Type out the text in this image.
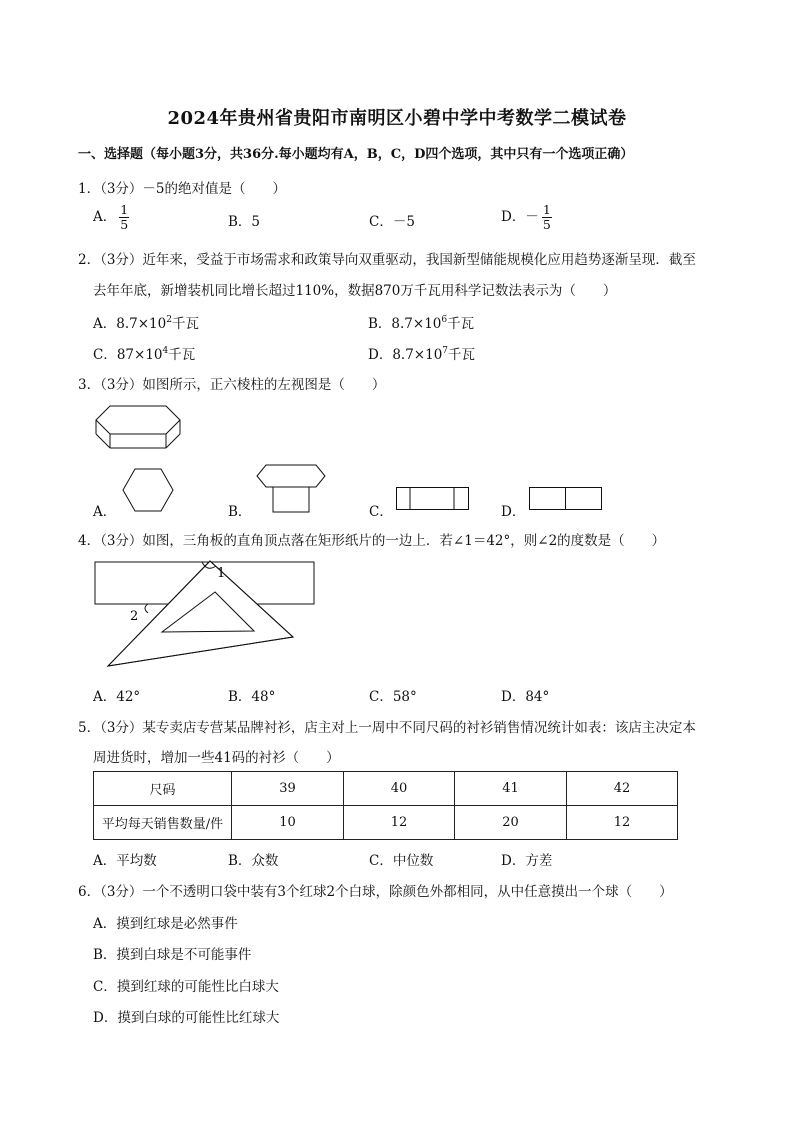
2024年贵州省贵阳市南明区小碧中学中考数学二模试卷
一、选择题（每小题3分，共36分.每小题均有A，B，C，D四个选项，其中只有一个选项正确）
1．（3分）－5的绝对值是（　　）
A． $\frac{1}{5}$	B．5	C．－5	D．－ $\frac{1}{5}$
2．（3分）近年来，受益于市场需求和政策导向双重驱动，我国新型储能规模化应用趋势逐渐呈现．截至
去年年底，新增装机同比增长超过110%，数据870万千瓦用科学记数法表示为（　　）
A．$8.7\times 10^2$千瓦	B．$8.7\times 10^6$千瓦
C．$87\times 10^4$千瓦	D．$8.7\times 10^7$千瓦
3．（3分）如图所示，正六棱柱的左视图是（　　）
A．	B．	C．	D．
4．（3分）如图，三角板的直角顶点落在矩形纸片的一边上．若∠1＝42°，则∠2的度数是（　　）
1
2
A．42°	B．48°	C．58°	D．84°
5．（3分）某专卖店专营某品牌衬衫，店主对上一周中不同尺码的衬衫销售情况统计如表：该店主决定本
周进货时，增加一些41码的衬衫（　　）
尺码	39	40	41	42
平均每天销售数量/件	10	12	20	12
A．平均数	B．众数	C．中位数	D．方差
6．（3分）一个不透明口袋中装有3个红球2个白球，除颜色外都相同，从中任意摸出一个球（　　）
A．摸到红球是必然事件
B．摸到白球是不可能事件
C．摸到红球的可能性比白球大
D．摸到白球的可能性比红球大
